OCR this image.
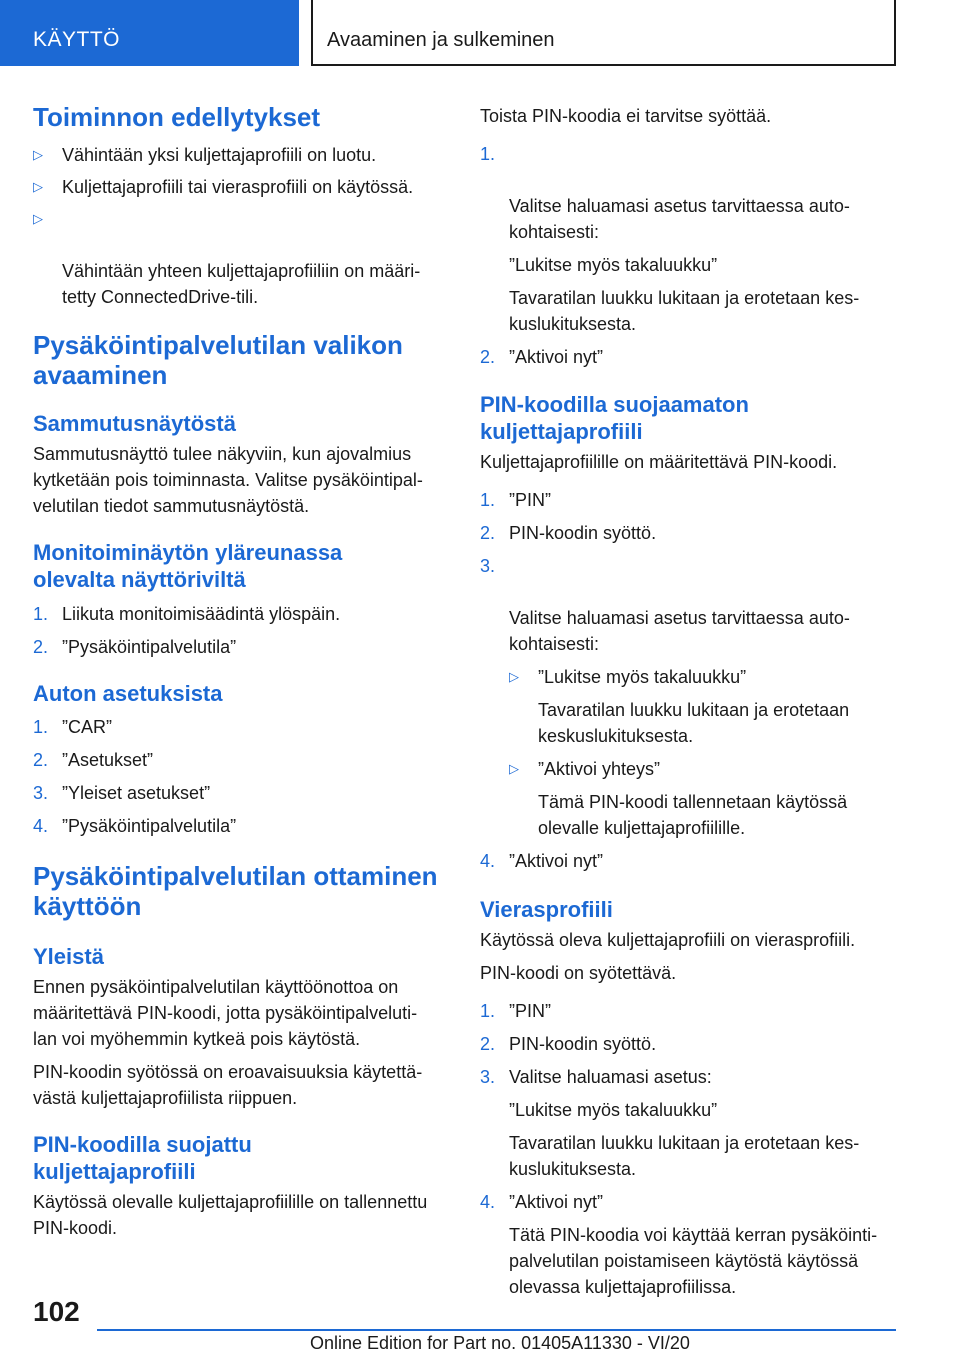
KÄYTTÖ	Avaaminen ja sulkeminen
Toiminnon edellytykset
▷ Vähintään yksi kuljettajaprofiili on luotu.
▷ Kuljettajaprofiili tai vierasprofiili on käytössä.

▷

Vähintään yhteen kuljettajaprofiiliin on määri-
tetty ConnectedDrive-tili.

Pysäköintipalvelutilan valikon
avaaminen
Sammutusnäytöstä

Sammutusnäyttö tulee näkyviin, kun ajovalmius
kytketään pois toiminnasta. Valitse pysäköintipal-
velutilan tiedot sammutusnäytöstä.

Monitoiminäytön yläreunassa
olevalta näyttöriviltä
1. Liikuta monitoimisäädintä ylöspäin.
2. ”Pysäköintipalvelutila”
Auton asetuksista
1. ”CAR”
2. ”Asetukset”
3. ”Yleiset asetukset”
4. ”Pysäköintipalvelutila”
Pysäköintipalvelutilan ottaminen
käyttöön
Yleistä

Ennen pysäköintipalvelutilan käyttöönottoa on
määritettävä PIN-koodi, jotta pysäköintipalveluti-
lan voi myöhemmin kytkeä pois käytöstä.

PIN-koodin syötössä on eroavaisuuksia käytettä-
västä kuljettajaprofiilista riippuen.

PIN-koodilla suojattu
kuljettajaprofiili

Käytössä olevalle kuljettajaprofiilille on tallennettu
PIN-koodi.

Toista PIN-koodia ei tarvitse syöttää.

1.

Valitse haluamasi asetus tarvittaessa auto-
kohtaisesti:

”Lukitse myös takaluukku”
Tavaratilan luukku lukitaan ja erotetaan kes-
kuslukituksesta.
2. ”Aktivoi nyt”
PIN-koodilla suojaamaton
kuljettajaprofiili

Kuljettajaprofiilille on määritettävä PIN-koodi.

1. ”PIN”
2. PIN-koodin syöttö.

3.

Valitse haluamasi asetus tarvittaessa auto-
kohtaisesti:

▷ ”Lukitse myös takaluukku”
Tavaratilan luukku lukitaan ja erotetaan
keskuslukituksesta.
▷ ”Aktivoi yhteys”
Tämä PIN-koodi tallennetaan käytössä
olevalle kuljettajaprofiilille.
4. ”Aktivoi nyt”
Vierasprofiili

Käytössä oleva kuljettajaprofiili on vierasprofiili.

PIN-koodi on syötettävä.

1. ”PIN”
2. PIN-koodin syöttö.
3. Valitse haluamasi asetus:
”Lukitse myös takaluukku”
Tavaratilan luukku lukitaan ja erotetaan kes-
kuslukituksesta.
4. ”Aktivoi nyt”
Tätä PIN-koodia voi käyttää kerran pysäköinti-
palvelutilan poistamiseen käytöstä käytössä
olevassa kuljettajaprofiilissa.
102
Online Edition for Part no. 01405A11330 - VI/20
